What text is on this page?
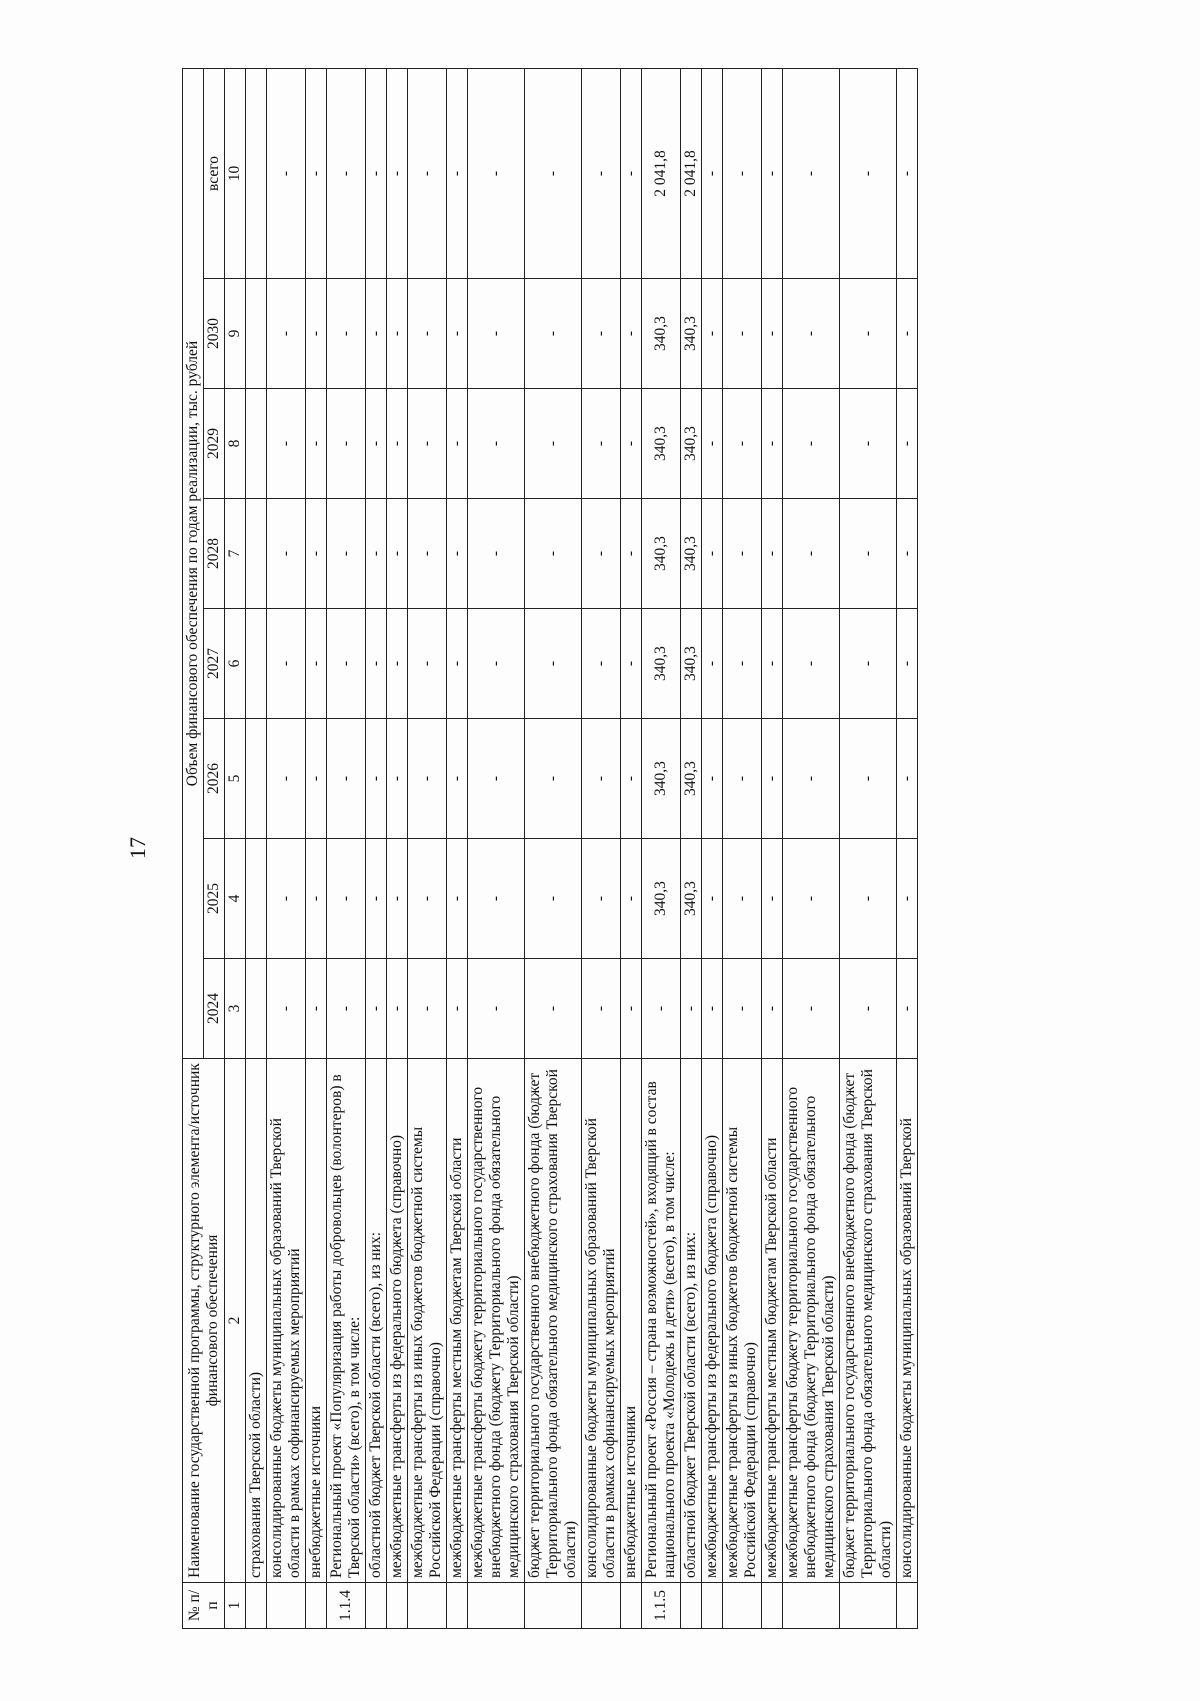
17
№ п/п	Наименование государственной программы, структурного элемента/источник финансового обеспечения	Объем финансового обеспечения по годам реализации, тыс. рублей							
		2024	2025	2026	2027	2028	2029	2030	всего
1	2	3	4	5	6	7	8	9	10
	страхования Тверской области)								
	консолидированные бюджеты муниципальных образований Тверской области в рамках софинансируемых мероприятий	-	-	-	-	-	-	-	-
	внебюджетные источники	-	-	-	-	-	-	-	-
1.1.4	Региональный проект «Популяризация работы добровольцев (волонтеров) в Тверской области» (всего), в том числе:	-	-	-	-	-	-	-	-
	областной бюджет Тверской области (всего), из них:	-	-	-	-	-	-	-	-
	межбюджетные трансферты из федерального бюджета (справочно)	-	-	-	-	-	-	-	-
	межбюджетные трансферты из иных бюджетов бюджетной системы Российской Федерации (справочно)	-	-	-	-	-	-	-	-
	межбюджетные трансферты местным бюджетам Тверской области	-	-	-	-	-	-	-	-
	межбюджетные трансферты бюджету территориального государственного внебюджетного фонда (бюджету Территориального фонда обязательного медицинского страхования Тверской области)	-	-	-	-	-	-	-	-
	бюджет территориального государственного внебюджетного фонда (бюджет Территориального фонда обязательного медицинского страхования Тверской области)	-	-	-	-	-	-	-	-
	консолидированные бюджеты муниципальных образований Тверской области в рамках софинансируемых мероприятий	-	-	-	-	-	-	-	-
	внебюджетные источники	-	-	-	-	-	-	-	-
1.1.5	Региональный проект «Россия – страна возможностей», входящий в состав национального проекта «Молодежь и дети» (всего), в том числе:	-	340,3	340,3	340,3	340,3	340,3	340,3	2 041,8
	областной бюджет Тверской области (всего), из них:	-	340,3	340,3	340,3	340,3	340,3	340,3	2 041,8
	межбюджетные трансферты из федерального бюджета (справочно)	-	-	-	-	-	-	-	-
	межбюджетные трансферты из иных бюджетов бюджетной системы Российской Федерации (справочно)	-	-	-	-	-	-	-	-
	межбюджетные трансферты местным бюджетам Тверской области	-	-	-	-	-	-	-	-
	межбюджетные трансферты бюджету территориального государственного внебюджетного фонда (бюджету Территориального фонда обязательного медицинского страхования Тверской области)	-	-	-	-	-	-	-	-
	бюджет территориального государственного внебюджетного фонда (бюджет Территориального фонда обязательного медицинского страхования Тверской области)	-	-	-	-	-	-	-	-
	консолидированные бюджеты муниципальных образований Тверской	-	-	-	-	-	-	-	-
